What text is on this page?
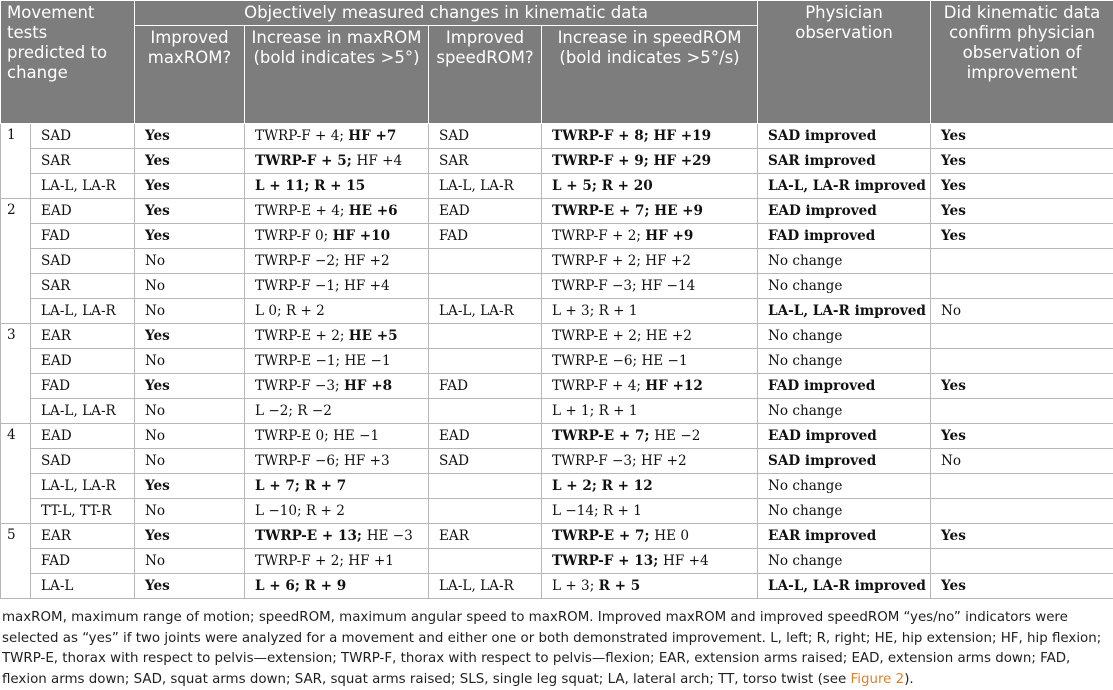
Movement tests predicted to change		Objectively measured changes in kinematic data				Physician observation	Did kinematic data confirm physician observation of improvement
		Improved maxROM?	Increase in maxROM (bold indicates >5°)	Improved speedROM?	Increase in speedROM (bold indicates >5°/s)		
1	SAD	Yes	TWRP-F + 4; HF +7	SAD	TWRP-F + 8; HF +19	SAD improved	Yes
	SAR	Yes	TWRP-F + 5; HF +4	SAR	TWRP-F + 9; HF +29	SAR improved	Yes
	LA-L, LA-R	Yes	L + 11; R + 15	LA-L, LA-R	L + 5; R + 20	LA-L, LA-R improved	Yes
2	EAD	Yes	TWRP-E + 4; HE +6	EAD	TWRP-E + 7; HE +9	EAD improved	Yes
	FAD	Yes	TWRP-F 0; HF +10	FAD	TWRP-F + 2; HF +9	FAD improved	Yes
	SAD	No	TWRP-F −2; HF +2		TWRP-F + 2; HF +2	No change	
	SAR	No	TWRP-F −1; HF +4		TWRP-F −3; HF −14	No change	
	LA-L, LA-R	No	L 0; R + 2	LA-L, LA-R	L + 3; R + 1	LA-L, LA-R improved	No
3	EAR	Yes	TWRP-E + 2; HE +5		TWRP-E + 2; HE +2	No change	
	EAD	No	TWRP-E −1; HE −1		TWRP-E −6; HE −1	No change	
	FAD	Yes	TWRP-F −3; HF +8	FAD	TWRP-F + 4; HF +12	FAD improved	Yes
	LA-L, LA-R	No	L −2; R −2		L + 1; R + 1	No change	
4	EAD	No	TWRP-E 0; HE −1	EAD	TWRP-E + 7; HE −2	EAD improved	Yes
	SAD	No	TWRP-F −6; HF +3	SAD	TWRP-F −3; HF +2	SAD improved	No
	LA-L, LA-R	Yes	L + 7; R + 7		L + 2; R + 12	No change	
	TT-L, TT-R	No	L −10; R + 2		L −14; R + 1	No change	
5	EAR	Yes	TWRP-E + 13; HE −3	EAR	TWRP-E + 7; HE 0	EAR improved	Yes
	FAD	No	TWRP-F + 2; HF +1		TWRP-F + 13; HF +4	No change	
	LA-L	Yes	L + 6; R + 9	LA-L, LA-R	L + 3; R + 5	LA-L, LA-R improved	Yes
maxROM, maximum range of motion; speedROM, maximum angular speed to maxROM. Improved maxROM and improved speedROM “yes/no” indicators were selected as “yes” if two joints were analyzed for a movement and either one or both demonstrated improvement. L, left; R, right; HE, hip extension; HF, hip flexion; TWRP-E, thorax with respect to pelvis—extension; TWRP-F, thorax with respect to pelvis—flexion; EAR, extension arms raised; EAD, extension arms down; FAD, flexion arms down; SAD, squat arms down; SAR, squat arms raised; SLS, single leg squat; LA, lateral arch; TT, torso twist (see Figure 2).
